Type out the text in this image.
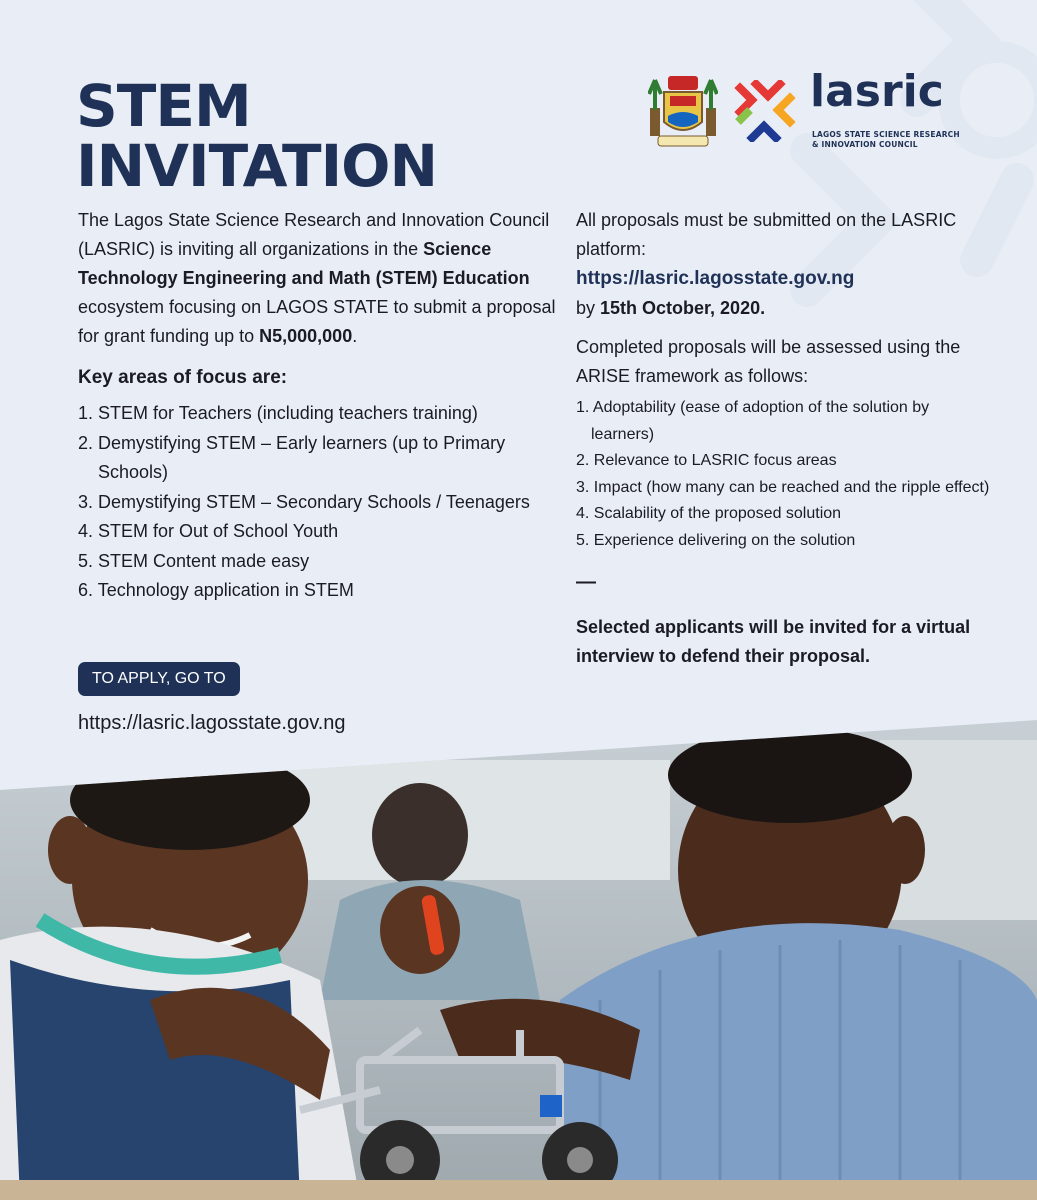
STEM
INVITATION
lasric
LAGOS STATE SCIENCE RESEARCH
& INNOVATION COUNCIL

The Lagos State Science Research and Innovation Council (LASRIC) is inviting all organizations in the Science Technology Engineering and Math (STEM) Education ecosystem focusing on LAGOS STATE to submit a proposal for grant funding up to N5,000,000.

Key areas of focus are:
1. STEM for Teachers (including teachers training)
2. Demystifying STEM – Early learners (up to Primary Schools)
3. Demystifying STEM – Secondary Schools / Teenagers
4. STEM for Out of School Youth
5. STEM Content made easy
6. Technology application in STEM
TO APPLY, GO TO
https://lasric.lagosstate.gov.ng

All proposals must be submitted on the LASRIC platform:

https://lasric.lagosstate.gov.ng

by 15th October, 2020.

Completed proposals will be assessed using the ARISE framework as follows:

1. Adoptability (ease of adoption of the solution by learners)
2. Relevance to LASRIC focus areas
3. Impact (how many can be reached and the ripple effect)
4. Scalability of the proposed solution
5. Experience delivering on the solution
—

Selected applicants will be invited for a virtual interview to defend their proposal.
